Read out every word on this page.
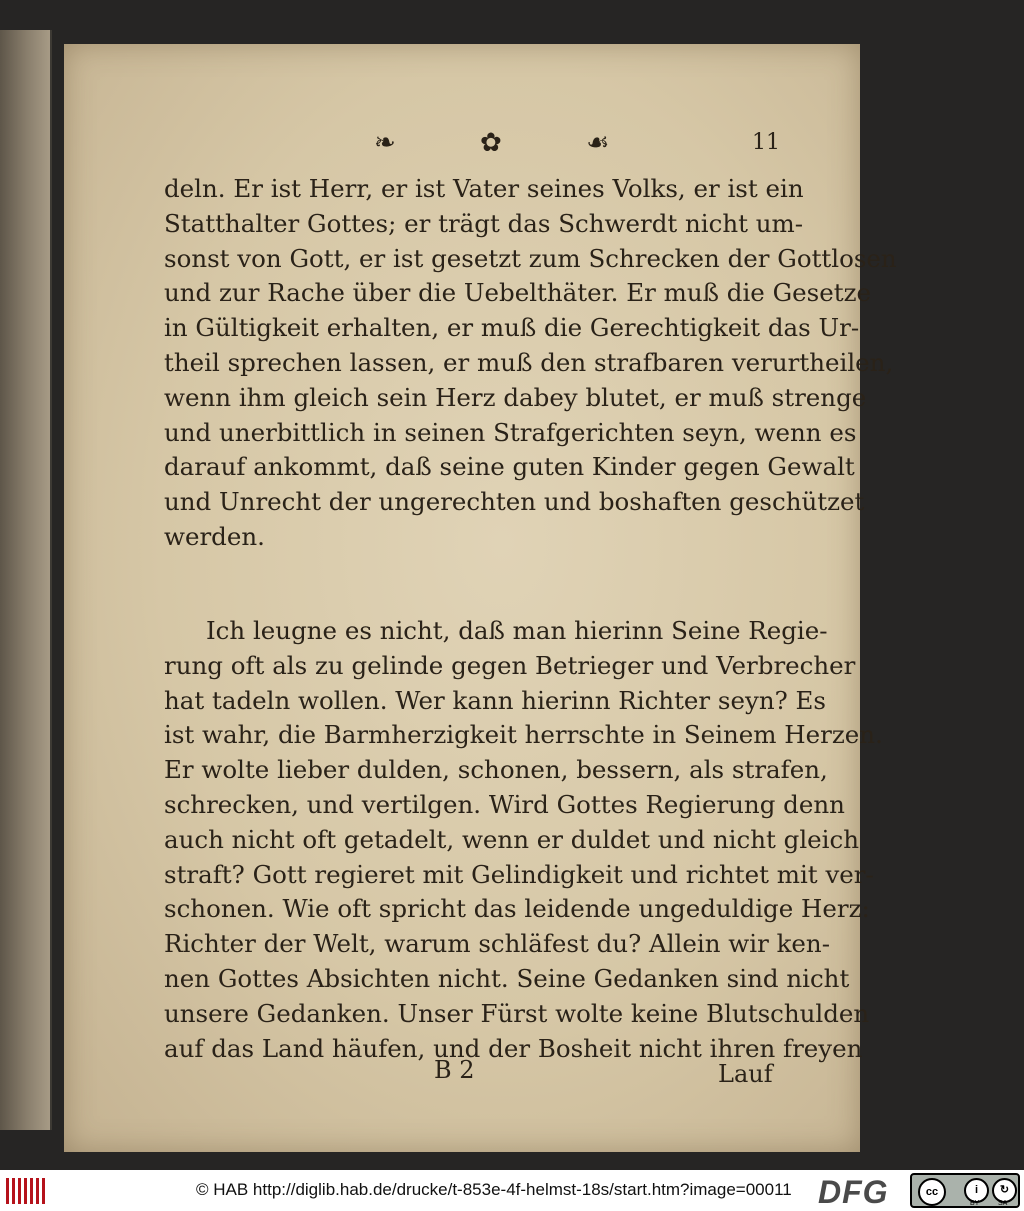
❧ ✿ ☙	11
deln. Er ist Herr, er ist Vater seines Volks, er ist ein
Statthalter Gottes; er trägt das Schwerdt nicht um-
sonst von Gott, er ist gesetzt zum Schrecken der Gottlosen
und zur Rache über die Uebelthäter. Er muß die Gesetze
in Gültigkeit erhalten, er muß die Gerechtigkeit das Ur-
theil sprechen lassen, er muß den strafbaren verurtheilen,
wenn ihm gleich sein Herz dabey blutet, er muß strenge
und unerbittlich in seinen Strafgerichten seyn, wenn es
darauf ankommt, daß seine guten Kinder gegen Gewalt
und Unrecht der ungerechten und boshaften geschützet
werden.
Ich leugne es nicht, daß man hierinn Seine Regie-
rung oft als zu gelinde gegen Betrieger und Verbrecher
hat tadeln wollen. Wer kann hierinn Richter seyn? Es
ist wahr, die Barmherzigkeit herrschte in Seinem Herzen.
Er wolte lieber dulden, schonen, bessern, als strafen,
schrecken, und vertilgen. Wird Gottes Regierung denn
auch nicht oft getadelt, wenn er duldet und nicht gleich
straft? Gott regieret mit Gelindigkeit und richtet mit ver-
schonen. Wie oft spricht das leidende ungeduldige Herz:
Richter der Welt, warum schläfest du? Allein wir ken-
nen Gottes Absichten nicht. Seine Gedanken sind nicht
unsere Gedanken. Unser Fürst wolte keine Blutschulden
auf das Land häufen, und der Bosheit nicht ihren freyen
B 2	Lauf
© HAB http://diglib.hab.de/drucke/t-853e-4f-helmst-18s/start.htm?image=00011 DFG	cc	i	↻
BY	SA
